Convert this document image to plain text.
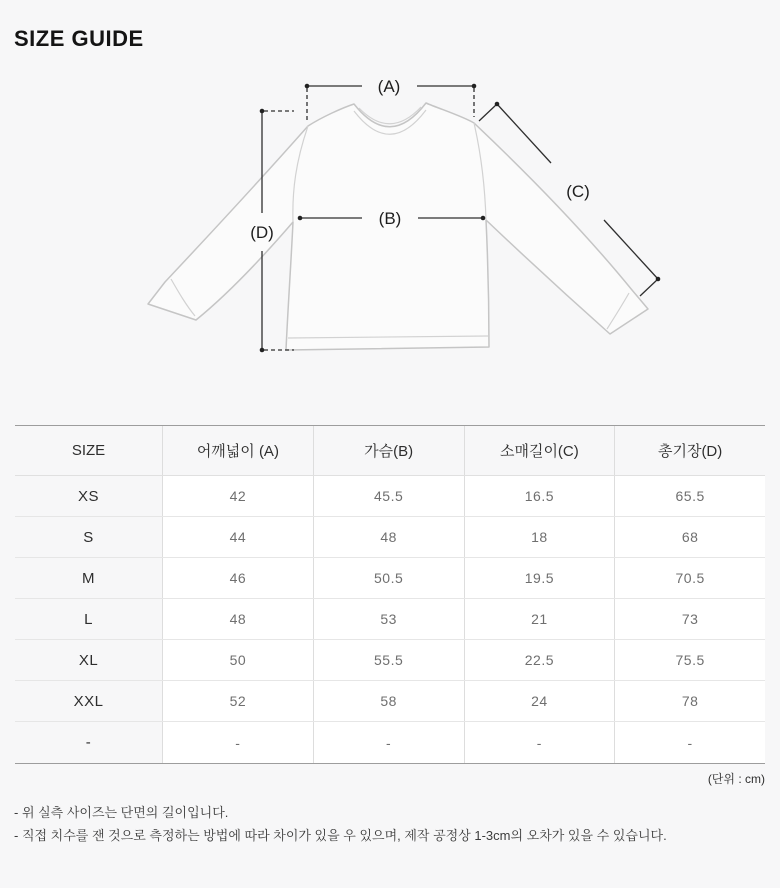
SIZE GUIDE
(A)
(B)
(C)
(D)
SIZE	어깨넓이 (A)	가슴(B)	소매길이(C)	총기장(D)
XS	42	45.5	16.5	65.5
S	44	48	18	68
M	46	50.5	19.5	70.5
L	48	53	21	73
XL	50	55.5	22.5	75.5
XXL	52	58	24	78
-	-	-	-	-
(단위 : cm)

- 위 실측 사이즈는 단면의 길이입니다.

- 직접 치수를 잰 것으로 측정하는 방법에 따라 차이가 있을 우 있으며, 제작 공정상 1-3cm의 오차가 있을 수 있습니다.
